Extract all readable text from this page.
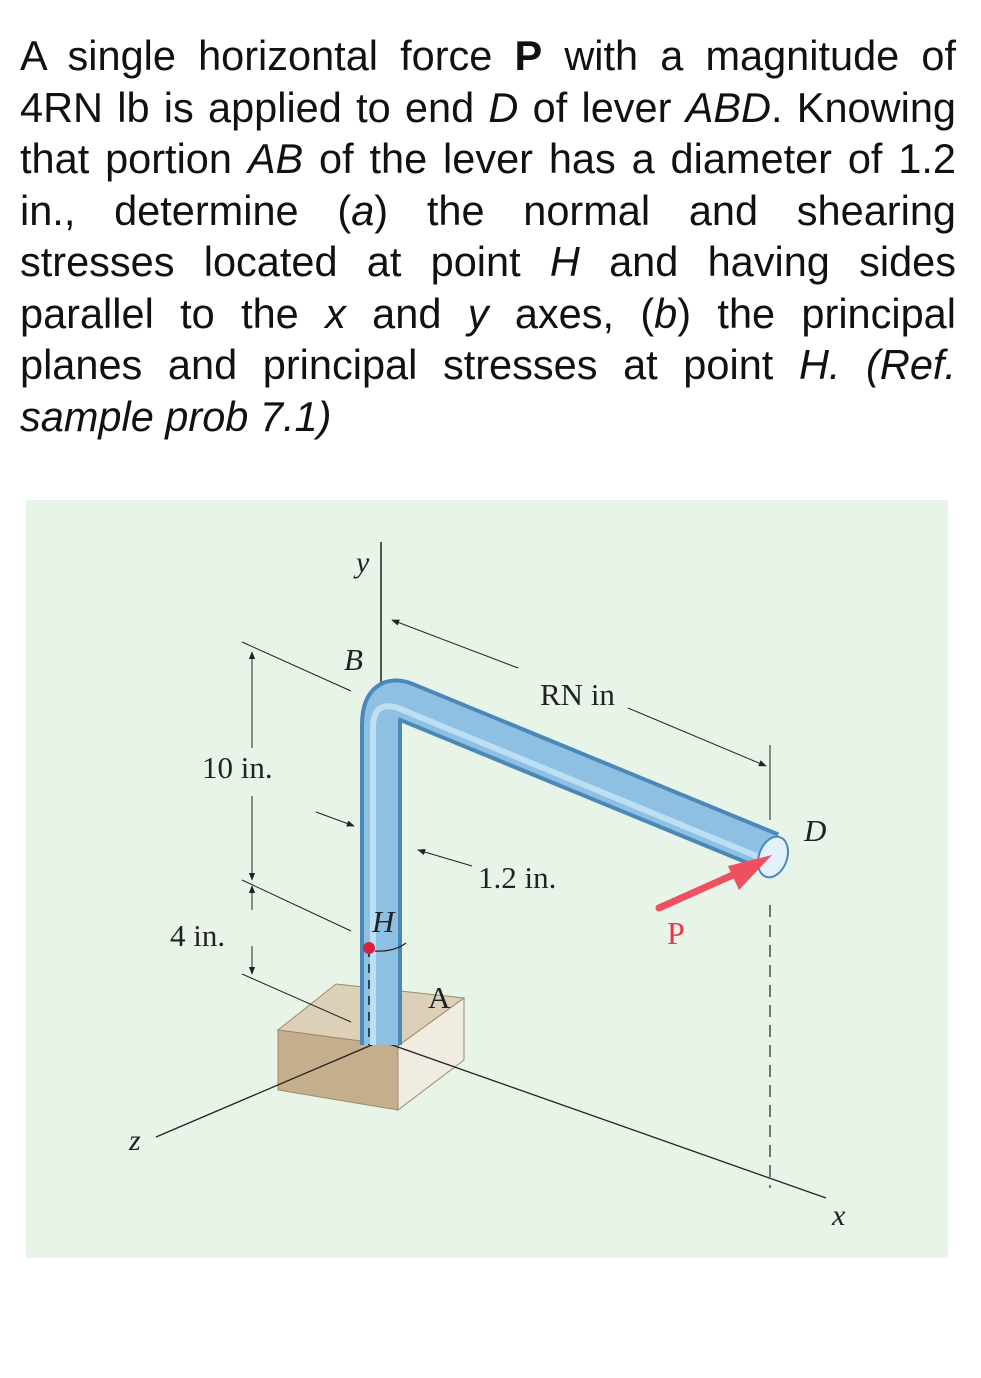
A single horizontal force P with a magnitude of 4RN lb is applied to end D of lever ABD. Knowing that portion AB of the lever has a diameter of 1.2 in., determine (a) the normal and shearing stresses located at point H and having sides parallel to the x and y axes, (b) the principal planes and principal stresses at point H. (Ref. sample prob 7.1)

y
z
x
B
D
H
A
P
RN in
10 in.
4 in.
1.2 in.
